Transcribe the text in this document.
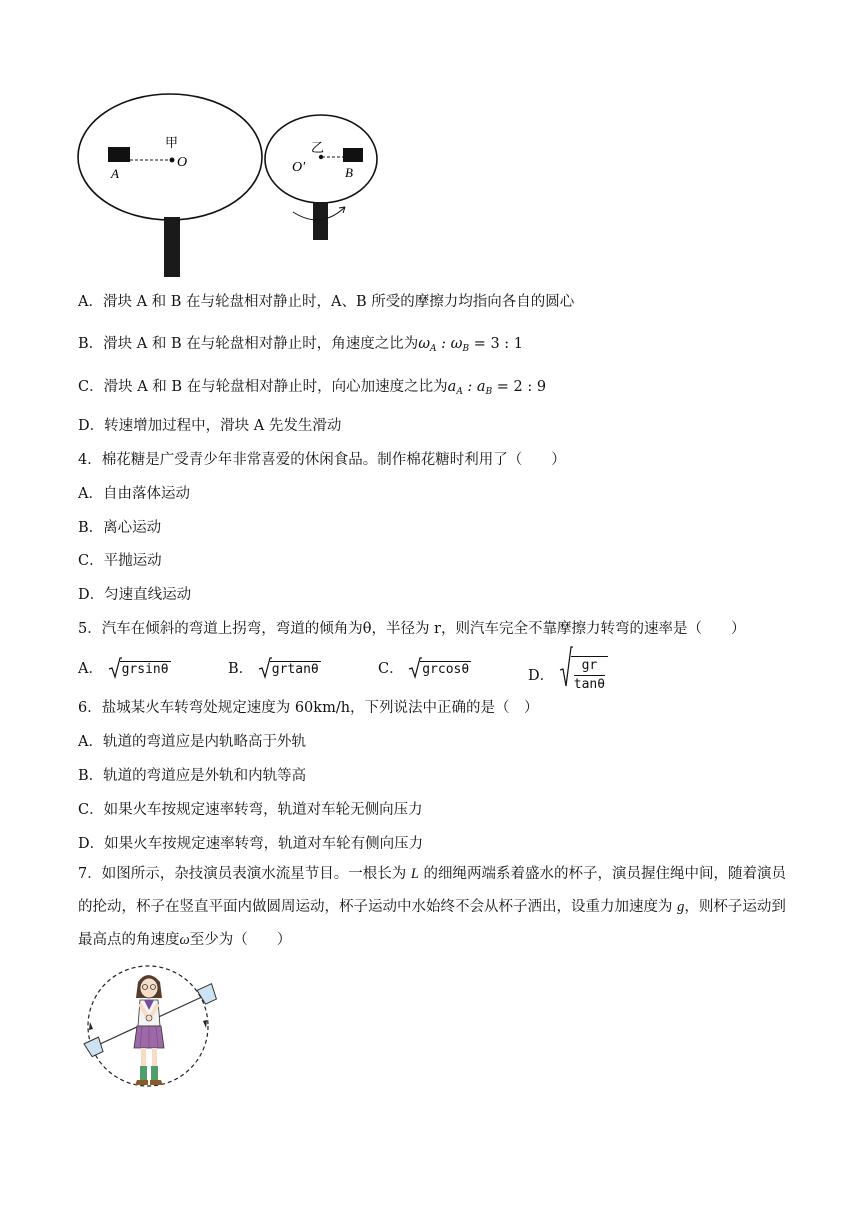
甲
A
O
乙
O′	B
A．滑块 A 和 B 在与轮盘相对静止时，A、B 所受的摩擦力均指向各自的圆心
B．滑块 A 和 B 在与轮盘相对静止时，角速度之比为$\omega_A$ : $\omega_B = 3$ : 1
C．滑块 A 和 B 在与轮盘相对静止时，向心加速度之比为$a_A$ : $a_B = 2$ : 9
D．转速增加过程中，滑块 A 先发生滑动
4．棉花糖是广受青少年非常喜爱的休闲食品。制作棉花糖时利用了（　　）
A．自由落体运动
B．离心运动
C．平抛运动
D．匀速直线运动
5．汽车在倾斜的弯道上拐弯，弯道的倾角为θ，半径为 r，则汽车完全不靠摩擦力转弯的速率是（　　）
A． grsinθ	B． grtanθ	C． grcosθ	D． $\frac{gr}{\tan\theta}$
6．盐城某火车转弯处规定速度为 60km/h，下列说法中正确的是（　）
A．轨道的弯道应是内轨略高于外轨
B．轨道的弯道应是外轨和内轨等高
C．如果火车按规定速率转弯，轨道对车轮无侧向压力
D．如果火车按规定速率转弯，轨道对车轮有侧向压力
7．如图所示，杂技演员表演水流星节目。一根长为 L 的细绳两端系着盛水的杯子，演员握住绳中间，随着演员的抡动，杯子在竖直平面内做圆周运动，杯子运动中水始终不会从杯子洒出，设重力加速度为 g，则杯子运动到最高点的角速度ω至少为（　　）
